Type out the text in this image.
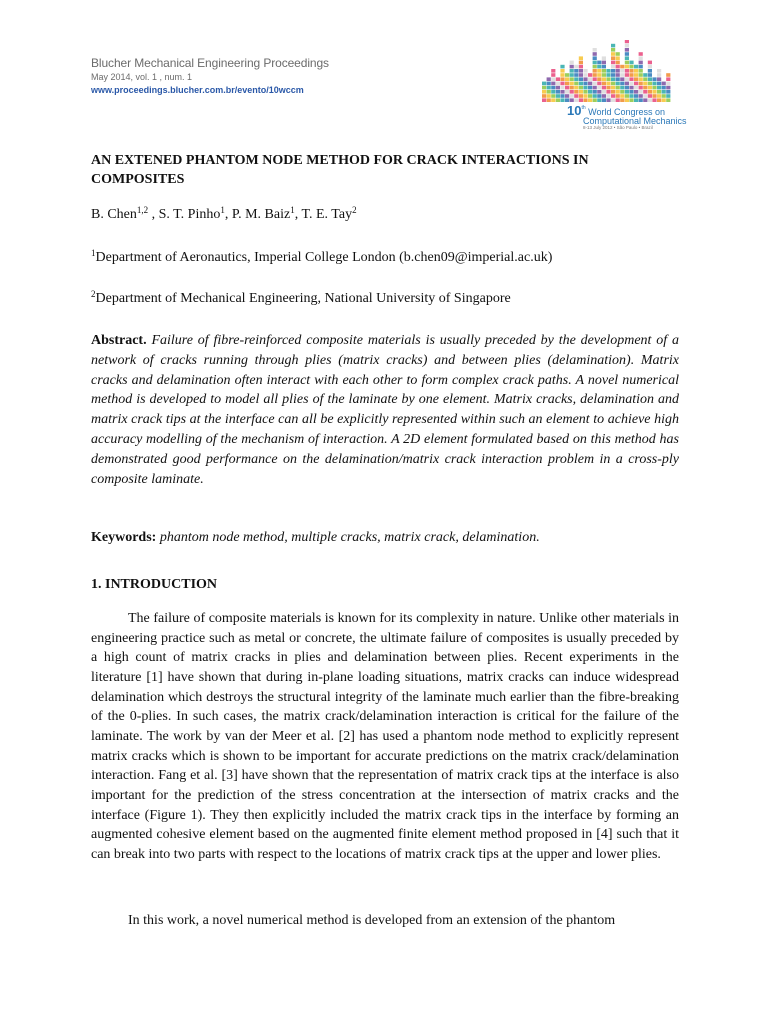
Blucher Mechanical Engineering Proceedings
May 2014, vol. 1 , num. 1
www.proceedings.blucher.com.br/evento/10wccm
10th World Congress on
Computational Mechanics
8-13 July 2012 • São Paulo • Brazil
AN EXTENED PHANTOM NODE METHOD FOR CRACK INTERACTIONS IN COMPOSITES
B. Chen$^{1,2}$ , S. T. Pinho$^1$, P. M. Baiz$^1$, T. E. Tay$^2$
$^1$Department of Aeronautics, Imperial College London (b.chen09@imperial.ac.uk)
$^2$Department of Mechanical Engineering, National University of Singapore

Abstract. Failure of fibre-reinforced composite materials is usually preceded by the development of a network of cracks running through plies (matrix cracks) and between plies (delamination). Matrix cracks and delamination often interact with each other to form complex crack paths. A novel numerical method is developed to model all plies of the laminate by one element. Matrix cracks, delamination and matrix crack tips at the interface can all be explicitly represented within such an element to achieve high accuracy modelling of the mechanism of interaction. A 2D element formulated based on this method has demonstrated good performance on the delamination/matrix crack interaction problem in a cross-ply composite laminate.

Keywords: phantom node method, multiple cracks, matrix crack, delamination.
1. INTRODUCTION

The failure of composite materials is known for its complexity in nature. Unlike other materials in engineering practice such as metal or concrete, the ultimate failure of composites is usually preceded by a high count of matrix cracks in plies and delamination between plies. Recent experiments in the literature [1] have shown that during in-plane loading situations, matrix cracks can induce widespread delamination which destroys the structural integrity of the laminate much earlier than the fibre-breaking of the 0-plies. In such cases, the matrix crack/delamination interaction is critical for the failure of the laminate. The work by van der Meer et al. [2] has used a phantom node method to explicitly represent matrix cracks which is shown to be important for accurate predictions on the matrix crack/delamination interaction. Fang et al. [3] have shown that the representation of matrix crack tips at the interface is also important for the prediction of the stress concentration at the intersection of matrix cracks and the interface (Figure 1). They then explicitly included the matrix crack tips in the interface by forming an augmented cohesive element based on the augmented finite element method proposed in [4] such that it can break into two parts with respect to the locations of matrix crack tips at the upper and lower plies.

In this work, a novel numerical method is developed from an extension of the phantom
